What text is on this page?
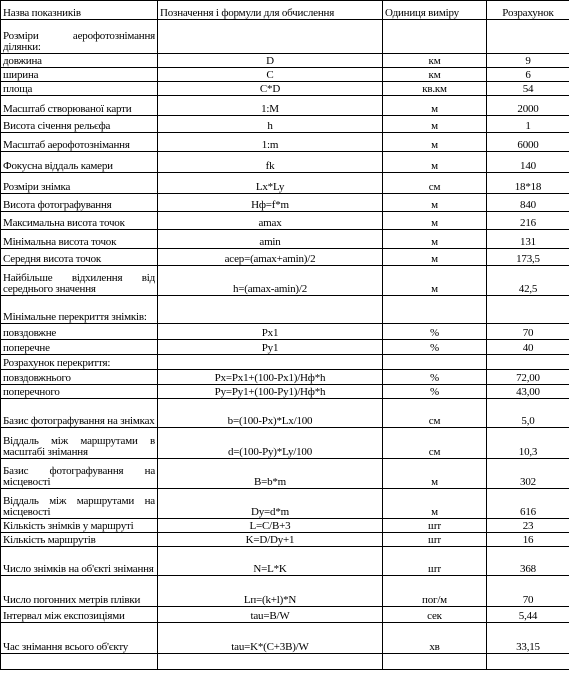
Назва показників	Позначення і формули для обчислення	Одиниця виміру	Розрахунок
Розміри аерофотознімання ділянки:			
довжина	D	км	9
ширина	C	км	6
площа	C*D	кв.км	54
Масштаб створюваної карти	1:M	м	2000
Висота січення рельєфа	h	м	1
Масштаб аерофотознімання	1:m	м	6000
Фокусна віддаль камери	fk	м	140
Розміри знімка	Lx*Ly	см	18*18
Висота фотографування	Hф=f*m	м	840
Максимальна висота точок	amax	м	216
Мінімальна висота точок	amin	м	131
Середня висота точок	aсер=(amax+amin)/2	м	173,5
Найбільше відхилення від середнього значення	h=(amax-amin)/2	м	42,5
Мінімальне перекриття знімків:			
повздовжне	Px1	%	70
поперечне	Py1	%	40
Розрахунок перекриття:			
повздовжнього	Px=Px1+(100-Px1)/Hф*h	%	72,00
поперечного	Py=Py1+(100-Py1)/Hф*h	%	43,00
Базис фотографування на знімках	b=(100-Px)*Lx/100	см	5,0
Віддаль між маршрутами в масштабі знімання	d=(100-Py)*Ly/100	см	10,3
Базис фотографування на місцевості	B=b*m	м	302
Віддаль між маршрутами на місцевості	Dy=d*m	м	616
Кількість знімків у маршруті	L=C/B+3	шт	23
Кількість маршрутів	K=D/Dy+1	шт	16
Число знімків на об'єкті знімання	N=L*K	шт	368
Число погонних метрів плівки	Lп=(k+l)*N	пог/м	70
Інтервал між експозиціями	tau=B/W	сек	5,44
Час знімання всього об'єкту	tau=K*(C+3B)/W	хв	33,15
